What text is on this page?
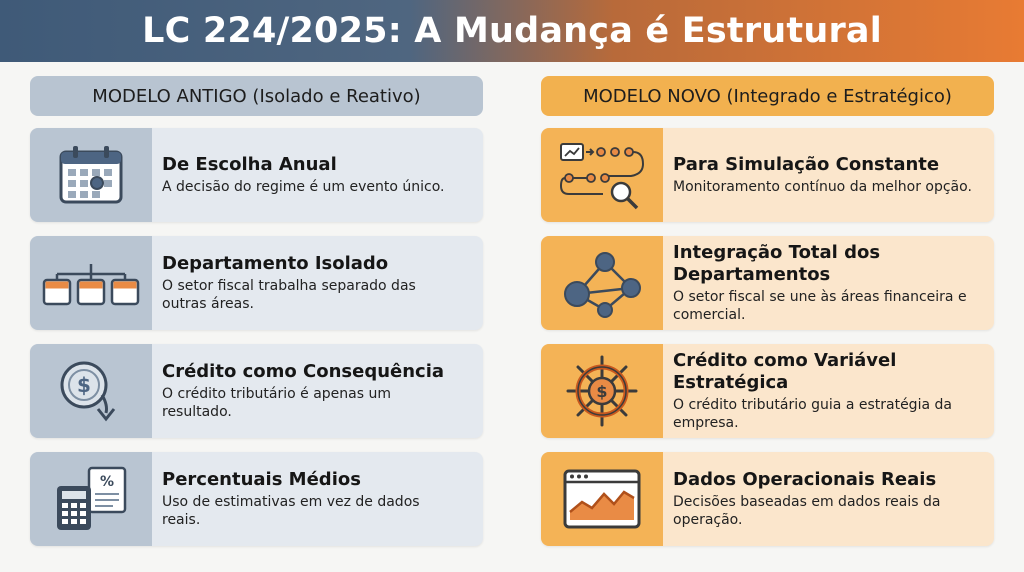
LC 224/2025: A Mudança é Estrutural
MODELO ANTIGO (Isolado e Reativo)	MODELO NOVO (Integrado e Estratégico)
De Escolha Anual
A decisão do regime é um evento único.
Departamento Isolado
O setor fiscal trabalha separado das outras áreas.
$
Crédito como Consequência
O crédito tributário é apenas um resultado.
%	Percentuais Médios
Uso de estimativas em vez de dados reais.
Para Simulação Constante
Monitoramento contínuo da melhor opção.
Integração Total dos Departamentos
O setor fiscal se une às áreas financeira e comercial.
$
Crédito como Variável Estratégica
O crédito tributário guia a estratégia da empresa.
Dados Operacionais Reais
Decisões baseadas em dados reais da operação.
